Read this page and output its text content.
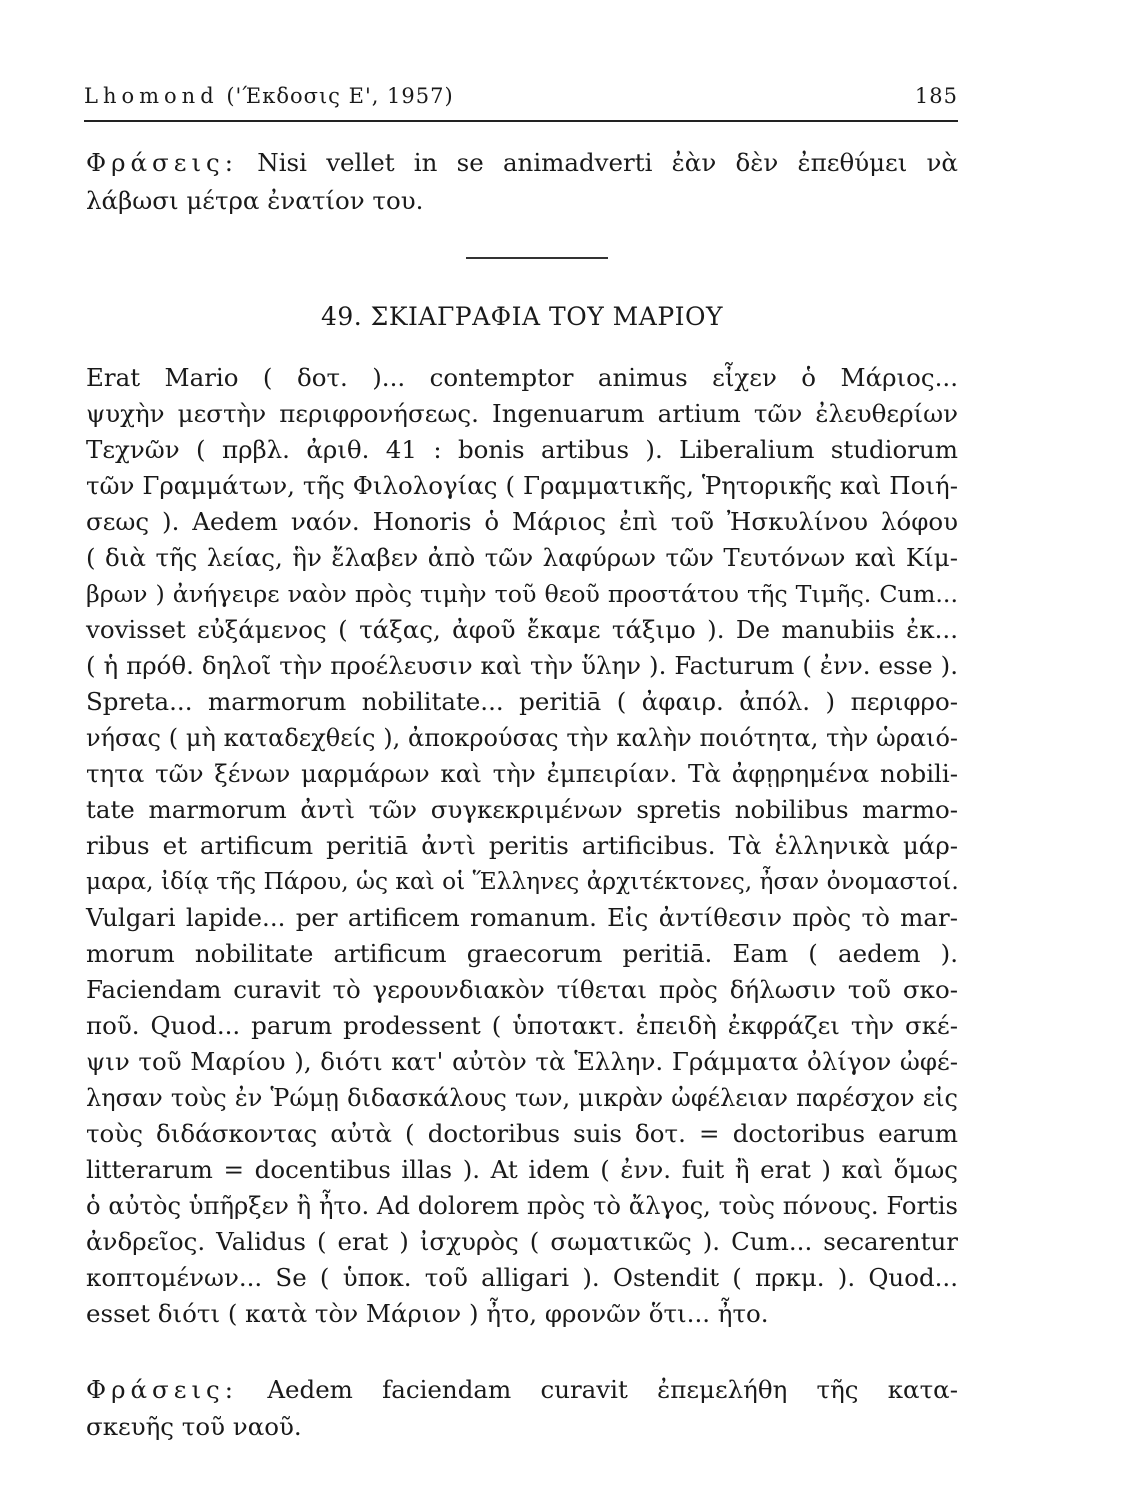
Lhomond ('Έκδοσις Ε', 1957)	185
Φράσεις: Nisi vellet in se animadverti ἐὰν δὲν ἐπεθύμει νὰ
λάβωσι μέτρα ἐνατίον του.
49. ΣΚΙΑΓΡΑΦΙΑ ΤΟΥ ΜΑΡΙΟΥ
Erat Mario ( δοτ. )... contemptor animus εἶχεν ὁ Μάριος...
ψυχὴν μεστὴν περιφρονήσεως. Ingenuarum artium τῶν ἐλευθερίων
Τεχνῶν ( πρβλ. ἀριθ. 41 : bonis artibus ). Liberalium studiorum
τῶν Γραμμάτων, τῆς Φιλολογίας ( Γραμματικῆς, Ῥητορικῆς καὶ Ποιή-
σεως ). Aedem ναόν. Honoris ὁ Μάριος ἐπὶ τοῦ Ἠσκυλίνου λόφου
( διὰ τῆς λείας, ἣν ἔλαβεν ἀπὸ τῶν λαφύρων τῶν Τευτόνων καὶ Κίμ-
βρων ) ἀνήγειρε ναὸν πρὸς τιμὴν τοῦ θεοῦ προστάτου τῆς Τιμῆς. Cum...
vovisset εὐξάμενος ( τάξας, ἀφοῦ ἔκαμε τάξιμο ). De manubiis ἐκ...
( ἡ πρόθ. δηλοῖ τὴν προέλευσιν καὶ τὴν ὕλην ). Facturum ( ἐνν. esse ).
Spreta... marmorum nobilitate... peritiā ( ἀφαιρ. ἀπόλ. ) περιφρο-
νήσας ( μὴ καταδεχθείς ), ἀποκρούσας τὴν καλὴν ποιότητα, τὴν ὡραιό-
τητα τῶν ξένων μαρμάρων καὶ τὴν ἐμπειρίαν. Τὰ ἀφῃρημένα nobili-
tate marmorum ἀντὶ τῶν συγκεκριμένων spretis nobilibus marmo-
ribus et artificum peritiā ἀντὶ peritis artificibus. Τὰ ἑλληνικὰ μάρ-
μαρα, ἰδίᾳ τῆς Πάρου, ὡς καὶ οἱ Ἕλληνες ἀρχιτέκτονες, ἦσαν ὀνομαστοί.
Vulgari lapide... per artificem romanum. Εἰς ἀντίθεσιν πρὸς τὸ mar-
morum nobilitate artificum graecorum peritiā. Eam ( aedem ).
Faciendam curavit τὸ γερουνδιακὸν τίθεται πρὸς δήλωσιν τοῦ σκο-
ποῦ. Quod... parum prodessent ( ὑποτακτ. ἐπειδὴ ἐκφράζει τὴν σκέ-
ψιν τοῦ Μαρίου ), διότι κατ' αὐτὸν τὰ Ἑλλην. Γράμματα ὀλίγον ὠφέ-
λησαν τοὺς ἐν Ῥώμῃ διδασκάλους των, μικρὰν ὠφέλειαν παρέσχον εἰς
τοὺς διδάσκοντας αὐτὰ ( doctoribus suis δοτ. = doctoribus earum
litterarum = docentibus illas ). At idem ( ἐνν. fuit ἢ erat ) καὶ ὅμως
ὁ αὐτὸς ὑπῆρξεν ἢ ἦτο. Ad dolorem πρὸς τὸ ἄλγος, τοὺς πόνους. Fortis
ἀνδρεῖος. Validus ( erat ) ἰσχυρὸς ( σωματικῶς ). Cum... secarentur
κοπτομένων... Se ( ὑποκ. τοῦ alligari ). Ostendit ( πρκμ. ). Quod...
esset διότι ( κατὰ τὸν Μάριον ) ἦτο, φρονῶν ὅτι... ἦτο.
Φράσεις: Aedem faciendam curavit ἐπεμελήθη τῆς κατα-
σκευῆς τοῦ ναοῦ.
